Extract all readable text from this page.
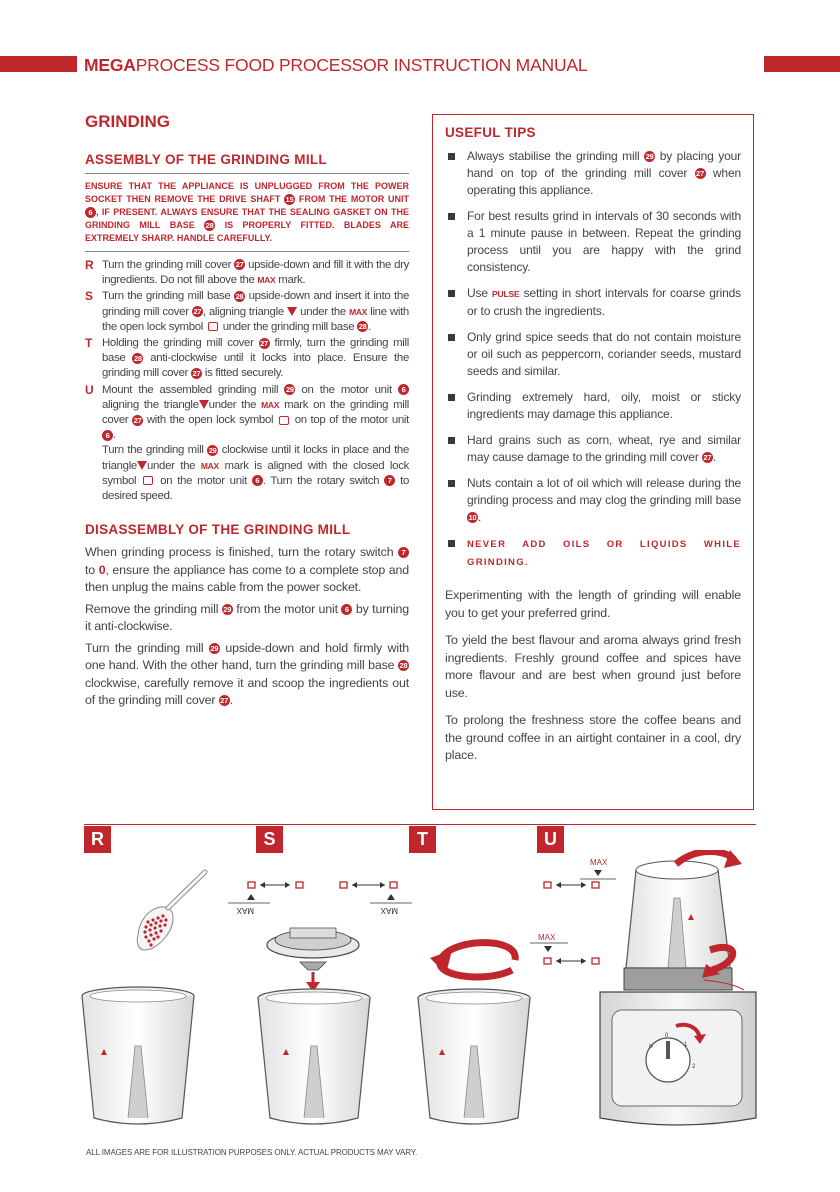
MEGAPROCESS FOOD PROCESSOR INSTRUCTION MANUAL
GRINDING
ASSEMBLY OF THE GRINDING MILL
ENSURE THAT THE APPLIANCE IS UNPLUGGED FROM THE POWER SOCKET THEN REMOVE THE DRIVE SHAFT 15 FROM THE MOTOR UNIT 6 , IF PRESENT. ALWAYS ENSURE THAT THE SEALING GASKET ON THE GRINDING MILL BASE 28 IS PROPERLY FITTED. BLADES ARE EXTREMELY SHARP. HANDLE CAREFULLY.
R Turn the grinding mill cover 27 upside-down and fill it with the dry ingredients. Do not fill above the MAX mark.
S Turn the grinding mill base 28 upside-down and insert it into the grinding mill cover 27 , aligning triangle  under the MAX line with the open lock symbol  under the grinding mill base 28 .
T Holding the grinding mill cover 27 firmly, turn the grinding mill base 28 anti-clockwise until it locks into place. Ensure the grinding mill cover 27 is fitted securely.
U Mount the assembled grinding mill 29 on the motor unit 6 aligning the triangle under the MAX mark on the grinding mill cover 27 with the open lock symbol  on top of the motor unit 6 .
Turn the grinding mill 29 clockwise until it locks in place and the triangle under the MAX mark is aligned with the closed lock symbol  on the motor unit 6 . Turn the rotary switch 7 to desired speed.
DISASSEMBLY OF THE GRINDING MILL
When grinding process is finished, turn the rotary switch 7 to 0, ensure the appliance has come to a complete stop and then unplug the mains cable from the power socket.
Remove the grinding mill 29 from the motor unit 6 by turning it anti-clockwise.
Turn the grinding mill 29 upside-down and hold firmly with one hand. With the other hand, turn the grinding mill base 28 clockwise, carefully remove it and scoop the ingredients out of the grinding mill cover 27.
USEFUL TIPS
Always stabilise the grinding mill 29 by placing your hand on top of the grinding mill cover 27 when operating this appliance.
For best results grind in intervals of 30 seconds with a 1 minute pause in between. Repeat the grinding process until you are happy with the grind consistency.
Use PULSE setting in short intervals for coarse grinds or to crush the ingredients.
Only grind spice seeds that do not contain moisture or oil such as peppercorn, coriander seeds, mustard seeds and similar.
Grinding extremely hard, oily, moist or sticky ingredients may damage this appliance.
Hard grains such as corn, wheat, rye and similar may cause damage to the grinding mill cover 27.
Nuts contain a lot of oil which will release during the grinding process and may clog the grinding mill base 10.
NEVER ADD OILS OR LIQUIDS WHILE GRINDING.
Experimenting with the length of grinding will enable you to get your preferred grind.
To yield the best flavour and aroma always grind fresh ingredients. Freshly ground coffee and spices have more flavour and are best when ground just before use.
To prolong the freshness store the coffee beans and the ground coffee in an airtight container in a cool, dry place.
R	S	T	U
MAX	MAX
MAX
MAX
P
0
1
2
ALL IMAGES ARE FOR ILLUSTRATION PURPOSES ONLY. ACTUAL PRODUCTS MAY VARY.
